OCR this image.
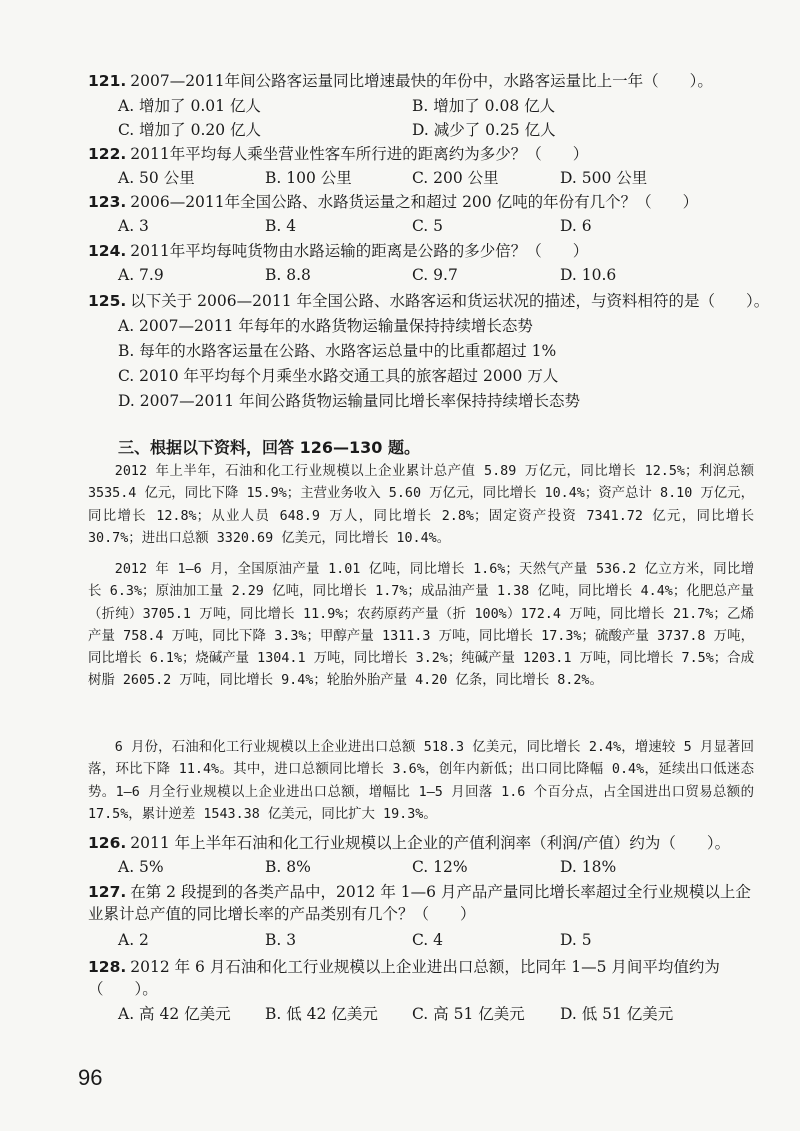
121. 2007—2011年间公路客运量同比增速最快的年份中，水路客运量比上一年（　　）。
A. 增加了 0.01 亿人	B. 增加了 0.08 亿人
C. 增加了 0.20 亿人	D. 减少了 0.25 亿人
122. 2011年平均每人乘坐营业性客车所行进的距离约为多少？（　　）
A. 50 公里	B. 100 公里	C. 200 公里	D. 500 公里
123. 2006—2011年全国公路、水路货运量之和超过 200 亿吨的年份有几个？（　　）
A. 3	B. 4	C. 5	D. 6
124. 2011年平均每吨货物由水路运输的距离是公路的多少倍？（　　）
A. 7.9	B. 8.8	C. 9.7	D. 10.6
125. 以下关于 2006—2011 年全国公路、水路客运和货运状况的描述，与资料相符的是（　　）。
A. 2007—2011 年每年的水路货物运输量保持持续增长态势
B. 每年的水路客运量在公路、水路客运总量中的比重都超过 1%
C. 2010 年平均每个月乘坐水路交通工具的旅客超过 2000 万人
D. 2007—2011 年间公路货物运输量同比增长率保持持续增长态势
三、根据以下资料，回答 126—130 题。
2012 年上半年，石油和化工行业规模以上企业累计总产值 5.89 万亿元，同比增长 12.5%；利润总额 3535.4 亿元，同比下降 15.9%；主营业务收入 5.60 万亿元，同比增长 10.4%；资产总计 8.10 万亿元，同比增长 12.8%；从业人员 648.9 万人，同比增长 2.8%；固定资产投资 7341.72 亿元，同比增长 30.7%；进出口总额 3320.69 亿美元，同比增长 10.4%。
2012 年 1—6 月，全国原油产量 1.01 亿吨，同比增长 1.6%；天然气产量 536.2 亿立方米，同比增长 6.3%；原油加工量 2.29 亿吨，同比增长 1.7%；成品油产量 1.38 亿吨，同比增长 4.4%；化肥总产量（折纯）3705.1 万吨，同比增长 11.9%；农药原药产量（折 100%）172.4 万吨，同比增长 21.7%；乙烯产量 758.4 万吨，同比下降 3.3%；甲醇产量 1311.3 万吨，同比增长 17.3%；硫酸产量 3737.8 万吨，同比增长 6.1%；烧碱产量 1304.1 万吨，同比增长 3.2%；纯碱产量 1203.1 万吨，同比增长 7.5%；合成树脂 2605.2 万吨，同比增长 9.4%；轮胎外胎产量 4.20 亿条，同比增长 8.2%。
6 月份，石油和化工行业规模以上企业进出口总额 518.3 亿美元，同比增长 2.4%，增速较 5 月显著回落，环比下降 11.4%。其中，进口总额同比增长 3.6%，创年内新低；出口同比降幅 0.4%，延续出口低迷态势。1—6 月全行业规模以上企业进出口总额，增幅比 1—5 月回落 1.6 个百分点，占全国进出口贸易总额的 17.5%，累计逆差 1543.38 亿美元，同比扩大 19.3%。
126. 2011 年上半年石油和化工行业规模以上企业的产值利润率（利润/产值）约为（　　）。
A. 5%	B. 8%	C. 12%	D. 18%
127. 在第 2 段提到的各类产品中，2012 年 1—6 月产品产量同比增长率超过全行业规模以上企业累计总产值的同比增长率的产品类别有几个？（　　）
A. 2	B. 3	C. 4	D. 5
128. 2012 年 6 月石油和化工行业规模以上企业进出口总额，比同年 1—5 月间平均值约为（　　）。
A. 高 42 亿美元 B. 低 42 亿美元 C. 高 51 亿美元 D. 低 51 亿美元
96
